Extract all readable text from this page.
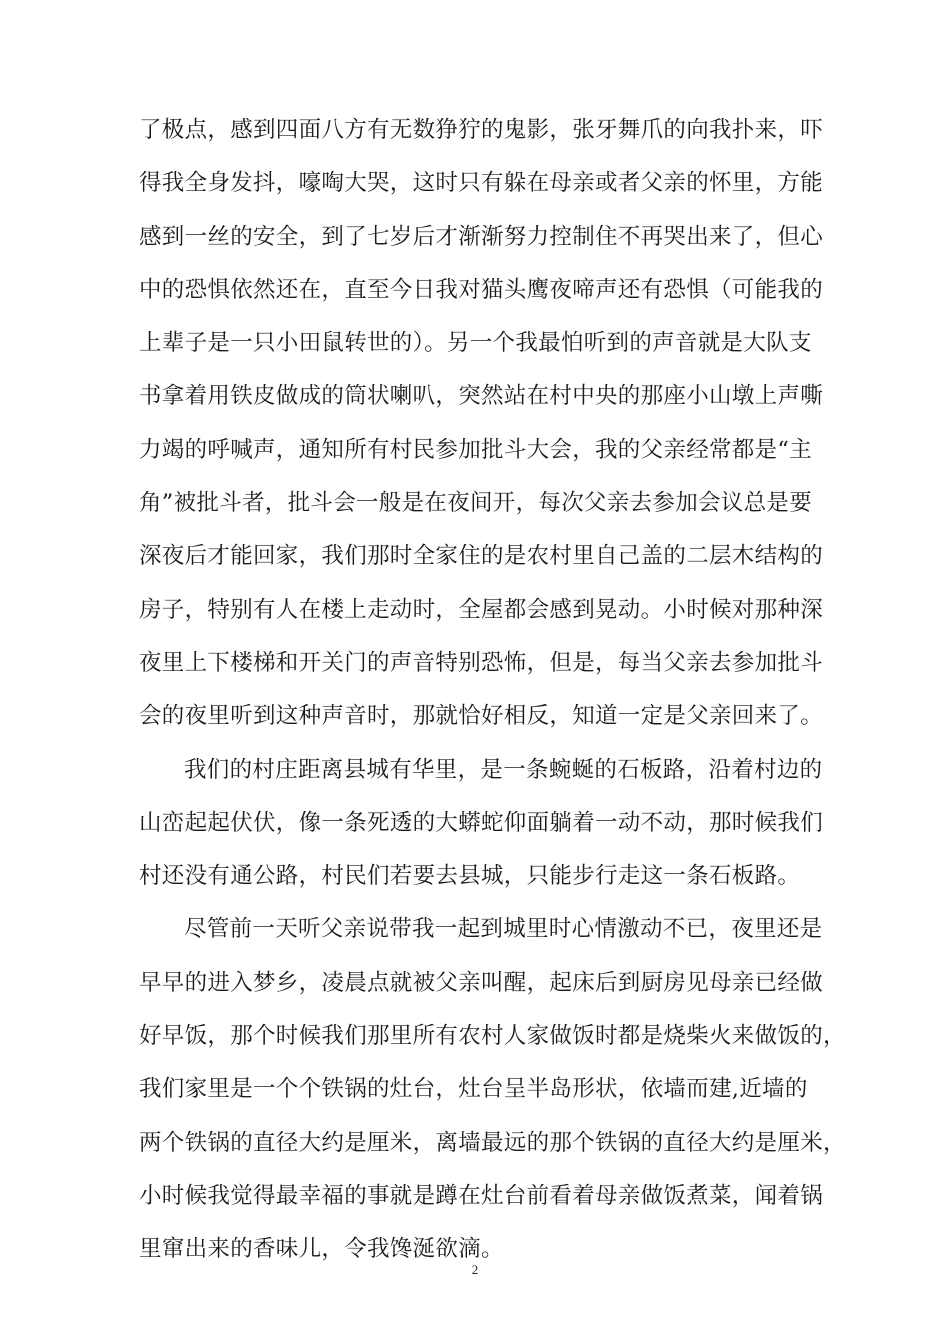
了极点，感到四面八方有无数狰狞的鬼影，张牙舞爪的向我扑来，吓
得我全身发抖，嚎啕大哭，这时只有躲在母亲或者父亲的怀里，方能
感到一丝的安全，到了七岁后才渐渐努力控制住不再哭出来了，但心
中的恐惧依然还在，直至今日我对猫头鹰夜啼声还有恐惧（可能我的
上辈子是一只小田鼠转世的）。另一个我最怕听到的声音就是大队支
书拿着用铁皮做成的筒状喇叭，突然站在村中央的那座小山墩上声嘶
力竭的呼喊声，通知所有村民参加批斗大会，我的父亲经常都是“主
角”被批斗者，批斗会一般是在夜间开，每次父亲去参加会议总是要
深夜后才能回家，我们那时全家住的是农村里自己盖的二层木结构的
房子，特别有人在楼上走动时，全屋都会感到晃动。小时候对那种深
夜里上下楼梯和开关门的声音特别恐怖，但是，每当父亲去参加批斗
会的夜里听到这种声音时，那就恰好相反，知道一定是父亲回来了。
我们的村庄距离县城有华里，是一条蜿蜒的石板路，沿着村边的
山峦起起伏伏，像一条死透的大蟒蛇仰面躺着一动不动，那时候我们
村还没有通公路，村民们若要去县城，只能步行走这一条石板路。
尽管前一天听父亲说带我一起到城里时心情激动不已，夜里还是
早早的进入梦乡，凌晨点就被父亲叫醒，起床后到厨房见母亲已经做
好早饭，那个时候我们那里所有农村人家做饭时都是烧柴火来做饭的，
我们家里是一个个铁锅的灶台，灶台呈半岛形状，依墙而建,近墙的
两个铁锅的直径大约是厘米，离墙最远的那个铁锅的直径大约是厘米，
小时候我觉得最幸福的事就是蹲在灶台前看着母亲做饭煮菜，闻着锅
里窜出来的香味儿，令我馋涎欲滴。
2
